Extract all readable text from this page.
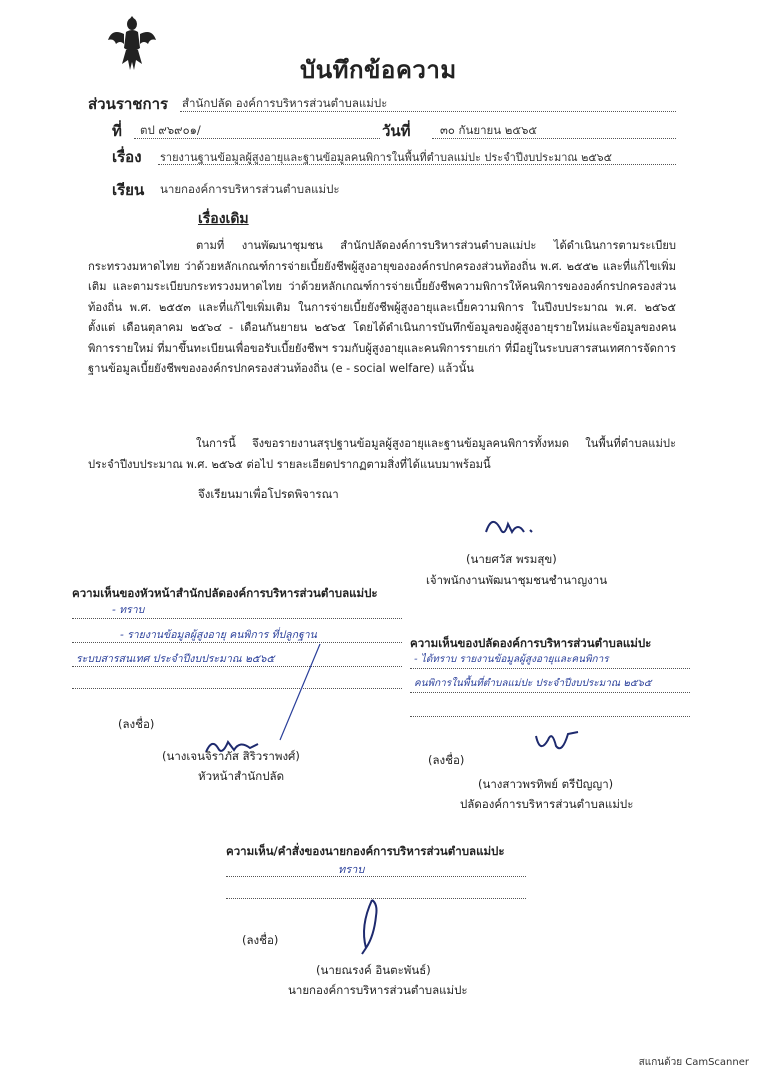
บันทึกข้อความ
ส่วนราชการ สำนักปลัด องค์การบริหารส่วนตำบลแม่ปะ
ที่ ตป ๙๖๙๐๑/	วันที่	๓๐ กันยายน ๒๕๖๕
เรื่อง รายงานฐานข้อมูลผู้สูงอายุและฐานข้อมูลคนพิการในพื้นที่ตำบลแม่ปะ ประจำปีงบประมาณ ๒๕๖๕
เรียน นายกองค์การบริหารส่วนตำบลแม่ปะ
เรื่องเดิม

ตามที่ งานพัฒนาชุมชน สำนักปลัดองค์การบริหารส่วนตำบลแม่ปะ ได้ดำเนินการตามระเบียบกระทรวงมหาดไทย ว่าด้วยหลักเกณฑ์การจ่ายเบี้ยยังชีพผู้สูงอายุขององค์กรปกครองส่วนท้องถิ่น พ.ศ. ๒๕๕๒ และที่แก้ไขเพิ่มเติม และตามระเบียบกระทรวงมหาดไทย ว่าด้วยหลักเกณฑ์การจ่ายเบี้ยยังชีพความพิการให้คนพิการขององค์กรปกครองส่วนท้องถิ่น พ.ศ. ๒๕๕๓ และที่แก้ไขเพิ่มเติม ในการจ่ายเบี้ยยังชีพผู้สูงอายุและเบี้ยความพิการ ในปีงบประมาณ พ.ศ. ๒๕๖๕ ตั้งแต่ เดือนตุลาคม ๒๕๖๔ - เดือนกันยายน ๒๕๖๕ โดยได้ดำเนินการบันทึกข้อมูลของผู้สูงอายุรายใหม่และข้อมูลของคนพิการรายใหม่ ที่มาขึ้นทะเบียนเพื่อขอรับเบี้ยยังชีพฯ รวมกับผู้สูงอายุและคนพิการรายเก่า ที่มีอยู่ในระบบสารสนเทศการจัดการฐานข้อมูลเบี้ยยังชีพขององค์กรปกครองส่วนท้องถิ่น (e - social welfare) แล้วนั้น

ในการนี้ จึงขอรายงานสรุปฐานข้อมูลผู้สูงอายุและฐานข้อมูลคนพิการทั้งหมด ในพื้นที่ตำบลแม่ปะประจำปีงบประมาณ พ.ศ. ๒๕๖๕ ต่อไป รายละเอียดปรากฏตามสิ่งที่ได้แนบมาพร้อมนี้

จึงเรียนมาเพื่อโปรดพิจารณา
(นายศวัส พรมสุข)
เจ้าพนักงานพัฒนาชุมชนชำนาญงาน
ความเห็นของหัวหน้าสำนักปลัดองค์การบริหารส่วนตำบลแม่ปะ
- ทราบ
- รายงานข้อมูลผู้สูงอายุ คนพิการ ที่ปลูกฐาน
ระบบสารสนเทศ ประจำปีงบประมาณ ๒๕๖๕
(ลงชื่อ)
(นางเจนจิราภัส สิริวราพงศ์)
หัวหน้าสำนักปลัด
ความเห็นของปลัดองค์การบริหารส่วนตำบลแม่ปะ
- ได้ทราบ รายงานข้อมูลผู้สูงอายุและคนพิการ
คนพิการในพื้นที่ตำบลแม่ปะ ประจำปีงบประมาณ ๒๕๖๕
(ลงชื่อ)
(นางสาวพรทิพย์ ตรีปัญญา)
ปลัดองค์การบริหารส่วนตำบลแม่ปะ
ความเห็น/คำสั่งของนายกองค์การบริหารส่วนตำบลแม่ปะ
ทราบ
(ลงชื่อ)
(นายณรงค์ อินตะพันธ์)
นายกองค์การบริหารส่วนตำบลแม่ปะ
สแกนด้วย CamScanner
